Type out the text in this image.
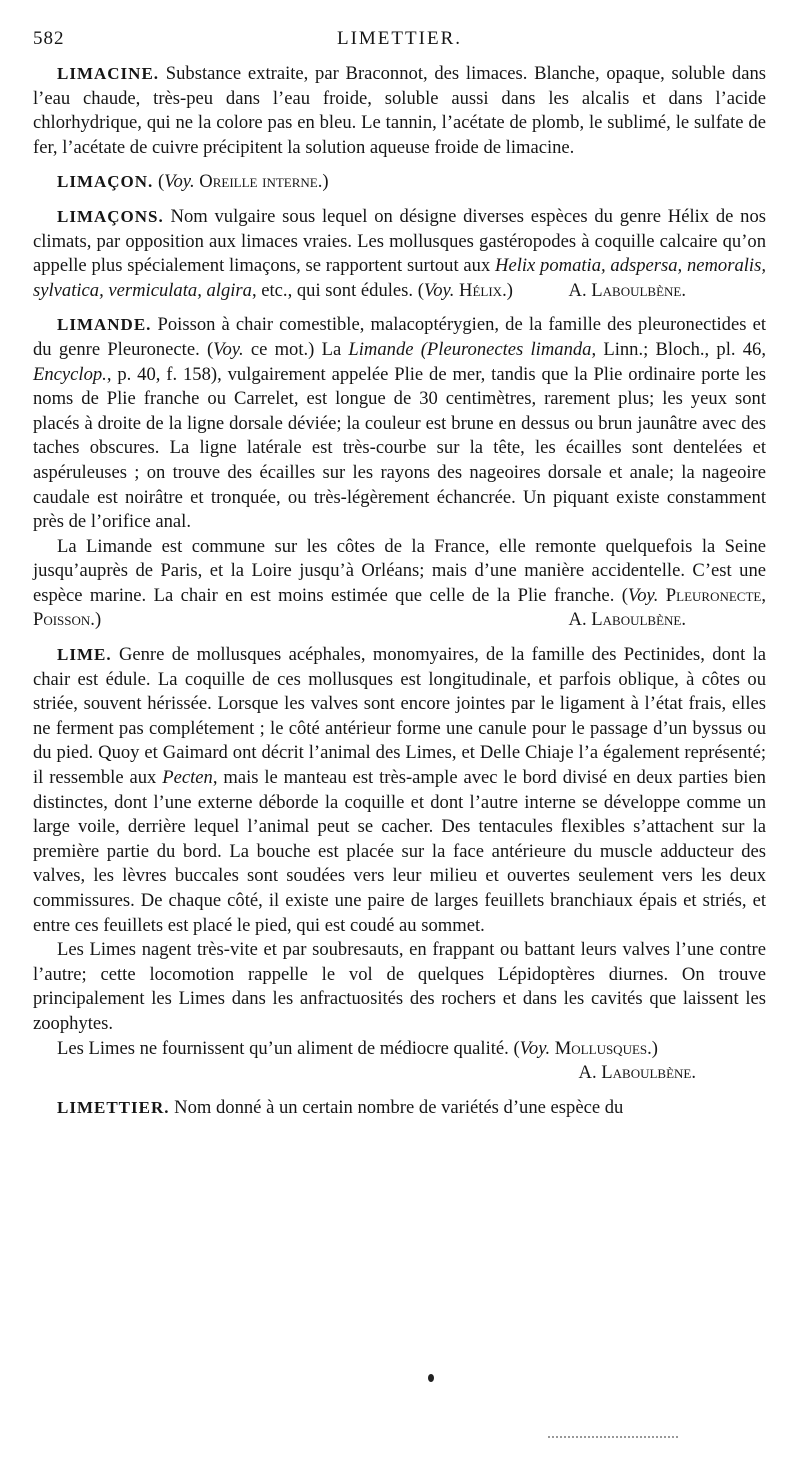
582	LIMETTIER.

LIMACINE. Substance extraite, par Braconnot, des limaces. Blanche, opaque, soluble dans l’eau chaude, très-peu dans l’eau froide, soluble aussi dans les alcalis et dans l’acide chlorhydrique, qui ne la colore pas en bleu. Le tannin, l’acétate de plomb, le sublimé, le sulfate de fer, l’acétate de cuivre précipitent la solution aqueuse froide de limacine.

LIMAÇON. (Voy. Oreille interne.)

LIMAÇONS. Nom vulgaire sous lequel on désigne diverses espèces du genre Hélix de nos climats, par opposition aux limaces vraies. Les mollusques gastéropodes à coquille calcaire qu’on appelle plus spécialement limaçons, se rapportent surtout aux Helix pomatia, adspersa, nemoralis, sylvatica, vermiculata, algira, etc., qui sont édules. (Voy. Hélix.)	A. Laboulbène.

LIMANDE. Poisson à chair comestible, malacoptérygien, de la famille des pleuronectides et du genre Pleuronecte. (Voy. ce mot.) La Limande (Pleuronectes limanda, Linn.; Bloch., pl. 46, Encyclop., p. 40, f. 158), vulgairement appelée Plie de mer, tandis que la Plie ordinaire porte les noms de Plie franche ou Carrelet, est longue de 30 centimètres, rarement plus; les yeux sont placés à droite de la ligne dorsale déviée; la couleur est brune en dessus ou brun jaunâtre avec des taches obscures. La ligne latérale est très-courbe sur la tête, les écailles sont dentelées et aspéruleuses ; on trouve des écailles sur les rayons des nageoires dorsale et anale; la nageoire caudale est noirâtre et tronquée, ou très-légèrement échancrée. Un piquant existe constamment près de l’orifice anal.

La Limande est commune sur les côtes de la France, elle remonte quelquefois la Seine jusqu’auprès de Paris, et la Loire jusqu’à Orléans; mais d’une manière accidentelle. C’est une espèce marine. La chair en est moins estimée que celle de la Plie franche. (Voy. Pleuronecte, Poisson.)	A. Laboulbène.

LIME. Genre de mollusques acéphales, monomyaires, de la famille des Pectinides, dont la chair est édule. La coquille de ces mollusques est longitudinale, et parfois oblique, à côtes ou striée, souvent hérissée. Lorsque les valves sont encore jointes par le ligament à l’état frais, elles ne ferment pas complétement ; le côté antérieur forme une canule pour le passage d’un byssus ou du pied. Quoy et Gaimard ont décrit l’animal des Limes, et Delle Chiaje l’a également représenté; il ressemble aux Pecten, mais le manteau est très-ample avec le bord divisé en deux parties bien distinctes, dont l’une externe déborde la coquille et dont l’autre interne se développe comme un large voile, derrière lequel l’animal peut se cacher. Des tentacules flexibles s’attachent sur la première partie du bord. La bouche est placée sur la face antérieure du muscle adducteur des valves, les lèvres buccales sont soudées vers leur milieu et ouvertes seulement vers les deux commissures. De chaque côté, il existe une paire de larges feuillets branchiaux épais et striés, et entre ces feuillets est placé le pied, qui est coudé au sommet.

Les Limes nagent très-vite et par soubresauts, en frappant ou battant leurs valves l’une contre l’autre; cette locomotion rappelle le vol de quelques Lépidoptères diurnes. On trouve principalement les Limes dans les anfractuosités des rochers et dans les cavités que laissent les zoophytes.

Les Limes ne fournissent qu’un aliment de médiocre qualité. (Voy. Mollusques.)

A. Laboulbène.

LIMETTIER. Nom donné à un certain nombre de variétés d’une espèce du
